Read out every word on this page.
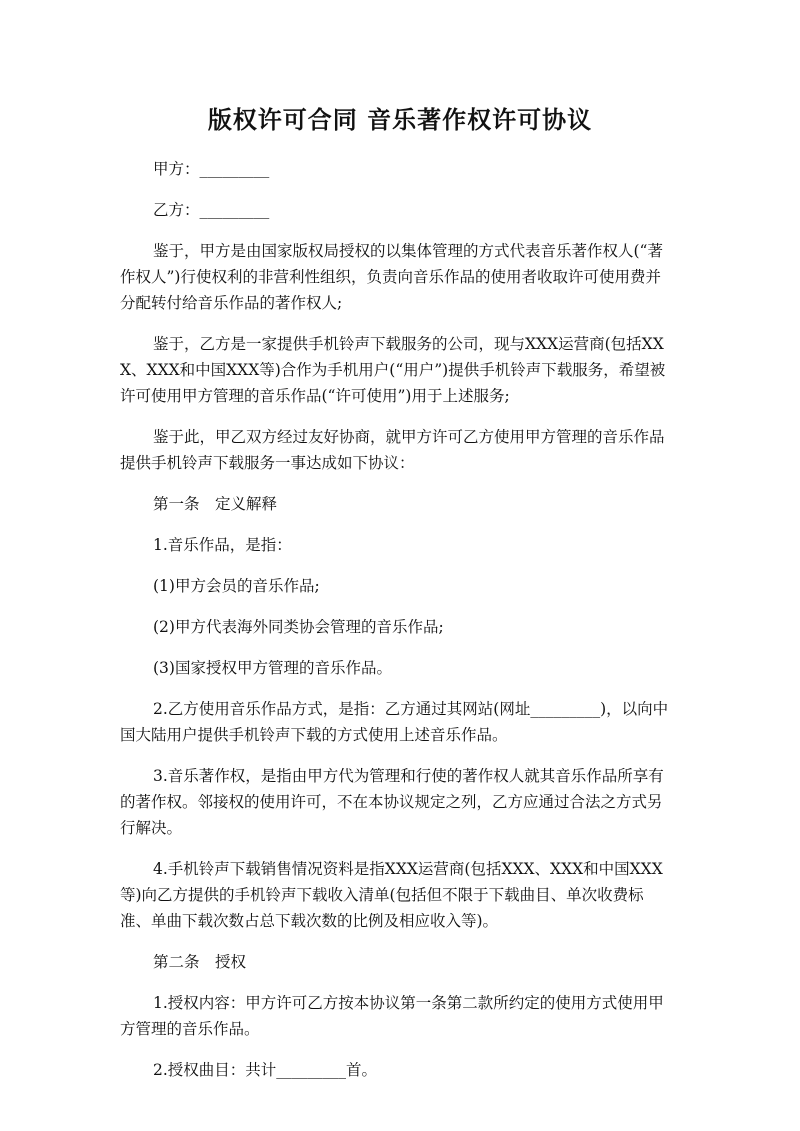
版权许可合同 音乐著作权许可协议

甲方：_________

乙方：_________

鉴于，甲方是由国家版权局授权的以集体管理的方式代表音乐著作权人(“著作权人”)行使权利的非营利性组织，负责向音乐作品的使用者收取许可使用费并分配转付给音乐作品的著作权人;

鉴于，乙方是一家提供手机铃声下载服务的公司，现与XXX运营商(包括XXX、XXX和中国XXX等)合作为手机用户(“用户”)提供手机铃声下载服务，希望被许可使用甲方管理的音乐作品(“许可使用”)用于上述服务;

鉴于此，甲乙双方经过友好协商，就甲方许可乙方使用甲方管理的音乐作品提供手机铃声下载服务一事达成如下协议：

第一条　定义解释

1.音乐作品，是指：

(1)甲方会员的音乐作品;

(2)甲方代表海外同类协会管理的音乐作品;

(3)国家授权甲方管理的音乐作品。

2.乙方使用音乐作品方式，是指：乙方通过其网站(网址_________)，以向中国大陆用户提供手机铃声下载的方式使用上述音乐作品。

3.音乐著作权，是指由甲方代为管理和行使的著作权人就其音乐作品所享有的著作权。邻接权的使用许可，不在本协议规定之列，乙方应通过合法之方式另行解决。

4.手机铃声下载销售情况资料是指XXX运营商(包括XXX、XXX和中国XXX等)向乙方提供的手机铃声下载收入清单(包括但不限于下载曲目、单次收费标准、单曲下载次数占总下载次数的比例及相应收入等)。

第二条　授权

1.授权内容：甲方许可乙方按本协议第一条第二款所约定的使用方式使用甲方管理的音乐作品。

2.授权曲目：共计_________首。
